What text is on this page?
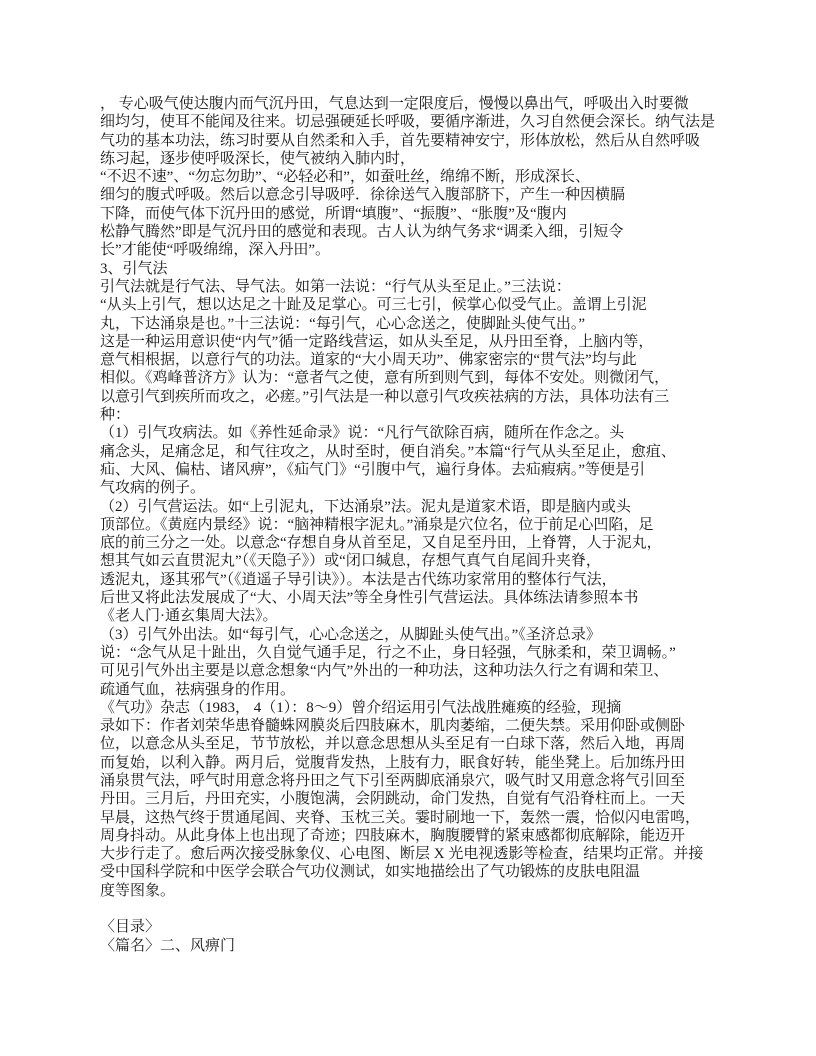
， 专心吸气使达腹内而气沉丹田，气息达到一定限度后，慢慢以鼻出气，呼吸出入时要微
细均匀，使耳不能闻及往来。切忌强硬延长呼吸，要循序渐进，久习自然便会深长。纳气法是
气功的基本功法，练习时要从自然柔和入手，首先要精神安宁，形体放松，然后从自然呼吸
练习起，逐步使呼吸深长，使气被纳入肺内时，
“不迟不速”、“勿忘勿助”、“必轻必和”，如蚕吐丝，绵绵不断，形成深长、
细匀的腹式呼吸。然后以意念引导吸呼．徐徐送气入腹部脐下，产生一种因横膈
下降，而使气体下沉丹田的感觉，所谓“填腹”、“振腹”、“胀腹”及“腹内
松静气腾然”即是气沉丹田的感觉和表现。古人认为纳气务求“调柔入细，引短令
长”才能使“呼吸绵绵，深入丹田”。
3、引气法
引气法就是行气法、导气法。如第一法说：“行气从头至足止。”三法说：
“从头上引气，想以达足之十趾及足掌心。可三七引，候掌心似受气止。盖谓上引泥
丸，下达涌泉是也。”十三法说：“每引气，心心念送之，使脚趾头使气出。”
这是一种运用意识使“内气”循一定路线营运，如从头至足，从丹田至脊，上脑内等，
意气相根据，以意行气的功法。道家的“大小周天功”、佛家密宗的“贯气法”均与此
相似。《鸡峰普济方》认为：“意者气之使，意有所到则气到，每体不安处。则微闭气，
以意引气到疾所而攻之，必瘥。”引气法是一种以意引气攻疾祛病的方法，具体功法有三
种：
（1）引气攻病法。如《养性延命录》说：“凡行气欲除百病，随所在作念之。头
痛念头，足痛念足，和气往攻之，从时至时，便自消矣。”本篇“行气从头至足止，愈疽、
疝、大风、偏枯、诸风痹”，《疝气门》“引腹中气，遍行身体。去疝瘕病。”等便是引
气攻病的例子。
（2）引气营运法。如“上引泥丸，下达涌泉”法。泥丸是道家术语，即是脑内或头
顶部位。《黄庭内景经》说：“脑神精根字泥丸。”涌泉是穴位名，位于前足心凹陷，足
底的前三分之一处。以意念“存想自身从首至足，又自足至丹田，上脊膂，人于泥丸，
想其气如云直贯泥丸”（《天隐子》）或“闭口缄息，存想气真气自尾闾升夹脊，
透泥丸，逐其邪气”（《逍遥子导引诀》）。本法是古代练功家常用的整体行气法，
后世又将此法发展成了“大、小周天法”等全身性引气营运法。具体练法请参照本书
《老人门·通玄集周大法》。
（3）引气外出法。如“每引气，心心念送之，从脚趾头使气出。”《圣济总录》
说：“念气从足十趾出，久自觉气通手足，行之不止，身日轻强，气脉柔和，荣卫调畅。”
可见引气外出主要是以意念想象“内气”外出的一种功法，这种功法久行之有调和荣卫、
疏通气血，祛病强身的作用。
《气功》杂志（1983， 4（1）：8～9）曾介绍运用引气法战胜瘫痪的经验，现摘
录如下：作者刘荣华患脊髓蛛网膜炎后四肢麻木，肌肉萎缩，二便失禁。采用仰卧或侧卧
位，以意念从头至足，节节放松，并以意念思想从头至足有一白球下落，然后入地，再周
而复始，以利入静。两月后，觉腹背发热，上肢有力，眠食好转，能坐凳上。后加练丹田
涌泉贯气法，呼气时用意念将丹田之气下引至两脚底涌泉穴，吸气时又用意念将气引回至
丹田。三月后，丹田充实，小腹饱满，会阴跳动，命门发热，自觉有气沿脊柱而上。一天
早晨，这热气终于贯通尾闾、夹脊、玉枕三关。霎时刷地一下，轰然一震，恰似闪电雷鸣，
周身抖动。从此身体上也出现了奇迹；四肢麻木，胸腹腰臂的紧束感都彻底解除，能迈开
大步行走了。愈后两次接受脉象仪、心电图、断层 X 光电视透影等检查，结果均正常。并接
受中国科学院和中医学会联合气功仪测试，如实地描绘出了气功锻炼的皮肤电阻温
度等图象。

〈目录〉
〈篇名〉二、风痹门
